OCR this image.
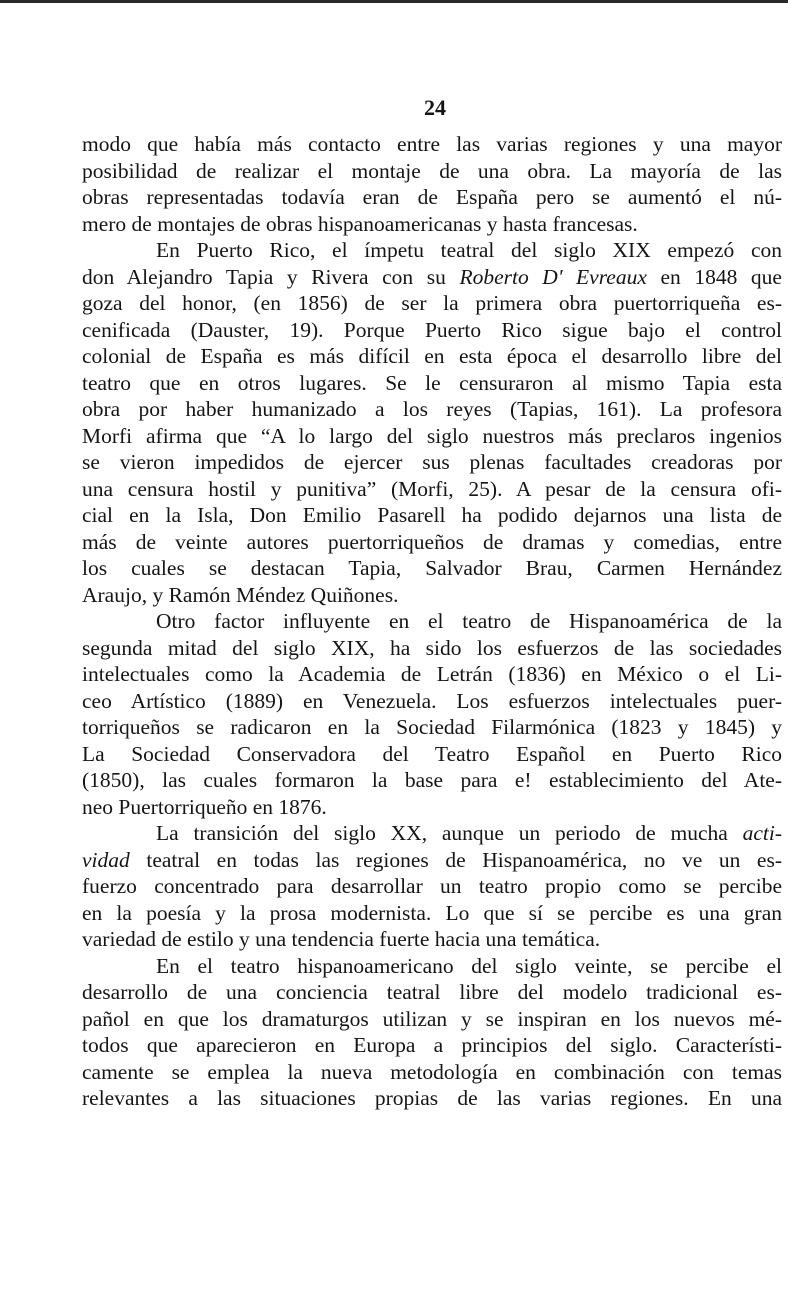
24
modo que había más contacto entre las varias regiones y una mayor
posibilidad de realizar el montaje de una obra. La mayoría de las
obras representadas todavía eran de España pero se aumentó el nú-
mero de montajes de obras hispanoamericanas y hasta francesas.
En Puerto Rico, el ímpetu teatral del siglo XIX empezó con
don Alejandro Tapia y Rivera con su Roberto D' Evreaux en 1848 que
goza del honor, (en 1856) de ser la primera obra puertorriqueña es-
cenificada (Dauster, 19). Porque Puerto Rico sigue bajo el control
colonial de España es más difícil en esta época el desarrollo libre del
teatro que en otros lugares. Se le censuraron al mismo Tapia esta
obra por haber humanizado a los reyes (Tapias, 161). La profesora
Morfi afirma que “A lo largo del siglo nuestros más preclaros ingenios
se vieron impedidos de ejercer sus plenas facultades creadoras por
una censura hostil y punitiva” (Morfi, 25). A pesar de la censura ofi-
cial en la Isla, Don Emilio Pasarell ha podido dejarnos una lista de
más de veinte autores puertorriqueños de dramas y comedias, entre
los cuales se destacan Tapia, Salvador Brau, Carmen Hernández
Araujo, y Ramón Méndez Quiñones.
Otro factor influyente en el teatro de Hispanoamérica de la
segunda mitad del siglo XIX, ha sido los esfuerzos de las sociedades
intelectuales como la Academia de Letrán (1836) en México o el Li-
ceo Artístico (1889) en Venezuela. Los esfuerzos intelectuales puer-
torriqueños se radicaron en la Sociedad Filarmónica (1823 y 1845) y
La Sociedad Conservadora del Teatro Español en Puerto Rico
(1850), las cuales formaron la base para e! establecimiento del Ate-
neo Puertorriqueño en 1876.
La transición del siglo XX, aunque un periodo de mucha acti-
vidad teatral en todas las regiones de Hispanoamérica, no ve un es-
fuerzo concentrado para desarrollar un teatro propio como se percibe
en la poesía y la prosa modernista. Lo que sí se percibe es una gran
variedad de estilo y una tendencia fuerte hacia una temática.
En el teatro hispanoamericano del siglo veinte, se percibe el
desarrollo de una conciencia teatral libre del modelo tradicional es-
pañol en que los dramaturgos utilizan y se inspiran en los nuevos mé-
todos que aparecieron en Europa a principios del siglo. Característi-
camente se emplea la nueva metodología en combinación con temas
relevantes a las situaciones propias de las varias regiones. En una
